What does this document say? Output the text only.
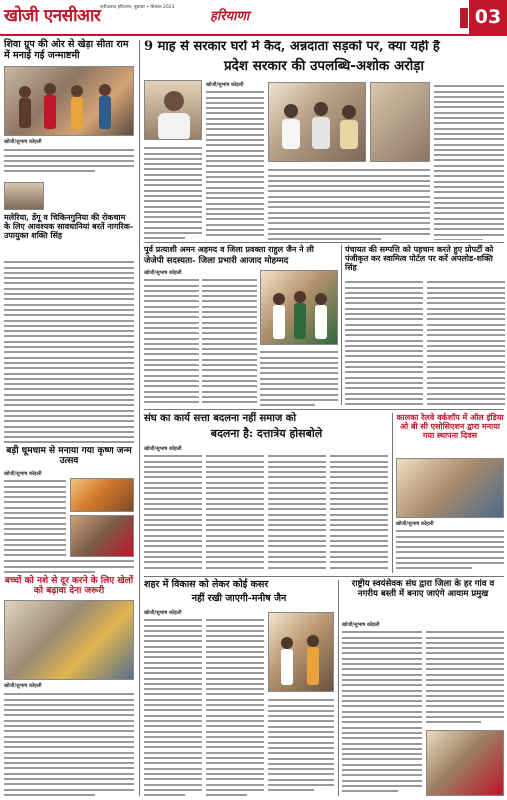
खोजी एनसीआर फरीदाबाद हरियाणा, बुधवार • सितंबर 2021
हरियाणा	03
9 माह से सरकार घरों में कैद, अन्नदाता सड़कों पर, क्या यही है
प्रदेश सरकार की उपलब्धि-अशोक अरोड़ा
शिवा ग्रुप की ओर से खेड़ा सीता राम में मनाई गई जन्माष्टमी
खोजी/सुभाष कोहली
मलेरिया, डेंगू व चिकिनगुनिया की रोकथाम के लिए आवश्यक सावधानियां बरतें नागरिक-उपायुक्त शक्ति सिंह
बड़ी धूमधाम से मनाया गया कृष्ण जन्म उत्सव
खोजी/सुभाष कोहली
बच्चों को नशे से दूर करने के लिए खेलों को बढ़ावा देना जरूरी
खोजी/सुभाष कोहली
खोजी/सुभाष कोहली
पूर्व प्रत्याशी अमन अहमद व जिला प्रवक्ता राहुल जैन ने ली
जेजेपी सदस्यता- जिला प्रभारी आजाद मोहम्मद
खोजी/सुभाष कोहली
पंचायत की सम्पत्ति को पहचान करते हुए प्रोपर्टी को पंजीकृत कर स्वामित्व पोर्टल पर करें अपलोड-शक्ति सिंह
संघ का कार्य सत्ता बदलना नहीं समाज को
बदलना है: दत्तात्रेय होसबोले
खोजी/सुभाष कोहली
कालका रेलवे वर्कशॉप में ऑल इंडिया ओ बी सी एसोसिएशन द्वारा मनाया गया स्थापना दिवस
खोजी/सुभाष कोहली
शहर में विकास को लेकर कोई कसर
नहीं रखी जाएगी-मनीष जैन
खोजी/सुभाष कोहली
राष्ट्रीय स्वयंसेवक संघ द्वारा जिला के हर गांव व नगरीय बस्ती में बनाए जाएंगे आयाम प्रमुख
खोजी/सुभाष कोहली
